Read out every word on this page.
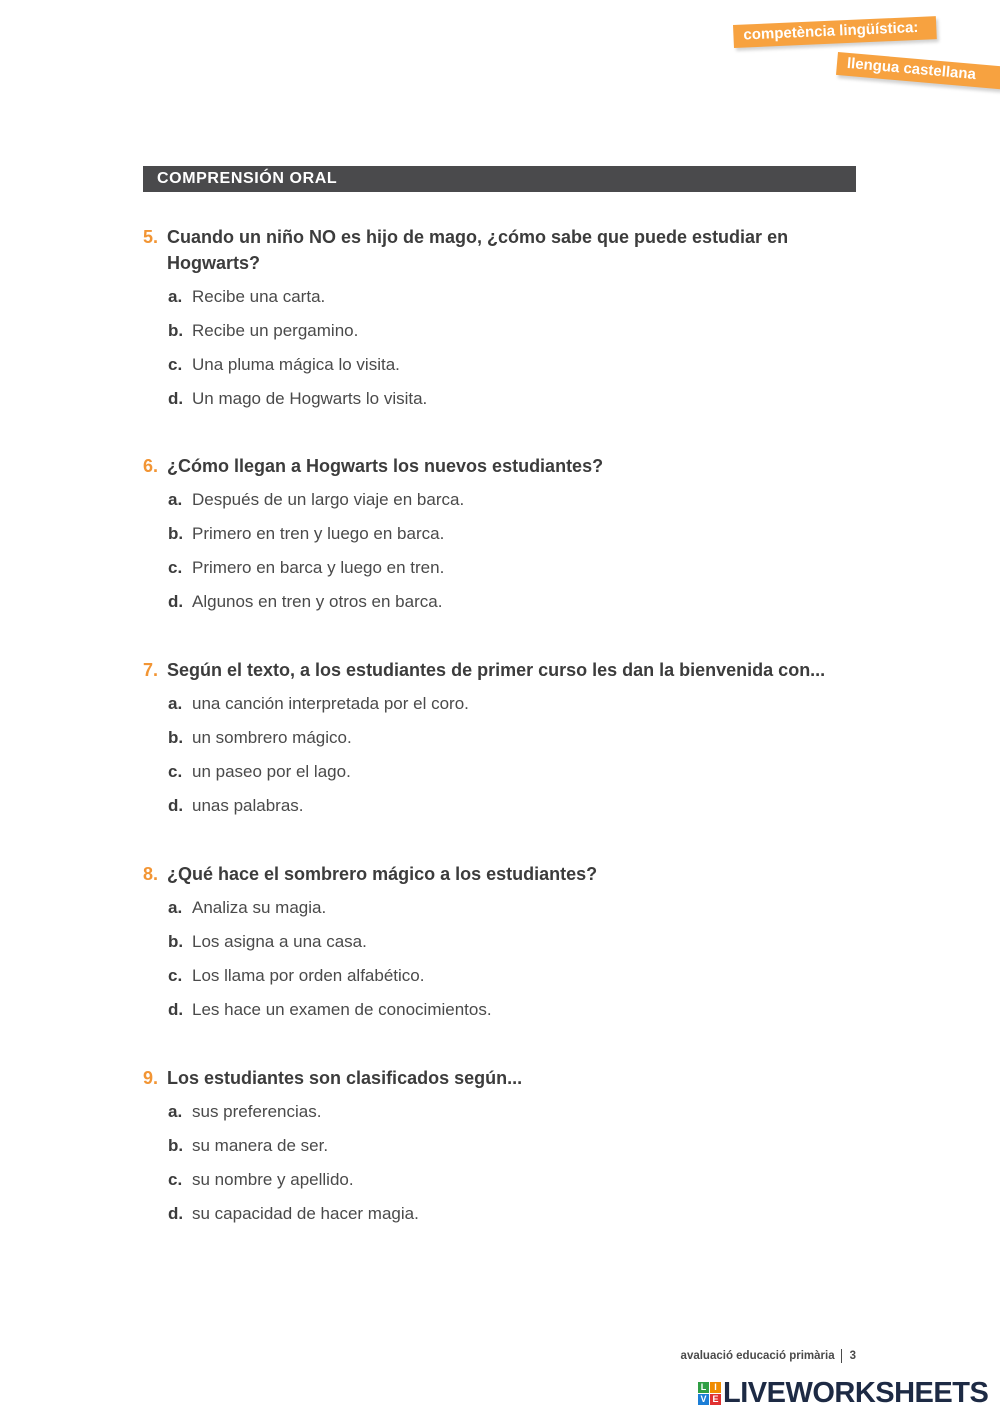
competència lingüística:
llengua castellana
COMPRENSIÓN ORAL
5. Cuando un niño NO es hijo de mago, ¿cómo sabe que puede estudiar en Hogwarts?
a. Recibe una carta.
b. Recibe un pergamino.
c. Una pluma mágica lo visita.
d. Un mago de Hogwarts lo visita.
6. ¿Cómo llegan a Hogwarts los nuevos estudiantes?
a. Después de un largo viaje en barca.
b. Primero en tren y luego en barca.
c. Primero en barca y luego en tren.
d. Algunos en tren y otros en barca.
7. Según el texto, a los estudiantes de primer curso les dan la bienvenida con...
a. una canción interpretada por el coro.
b. un sombrero mágico.
c. un paseo por el lago.
d. unas palabras.
8. ¿Qué hace el sombrero mágico a los estudiantes?
a. Analiza su magia.
b. Los asigna a una casa.
c. Los llama por orden alfabético.
d. Les hace un examen de conocimientos.
9. Los estudiantes son clasificados según...
a. sus preferencias.
b. su manera de ser.
c. su nombre y apellido.
d. su capacidad de hacer magia.
avaluació educació primària 3
L I
V E LIVEWORKSHEETS
